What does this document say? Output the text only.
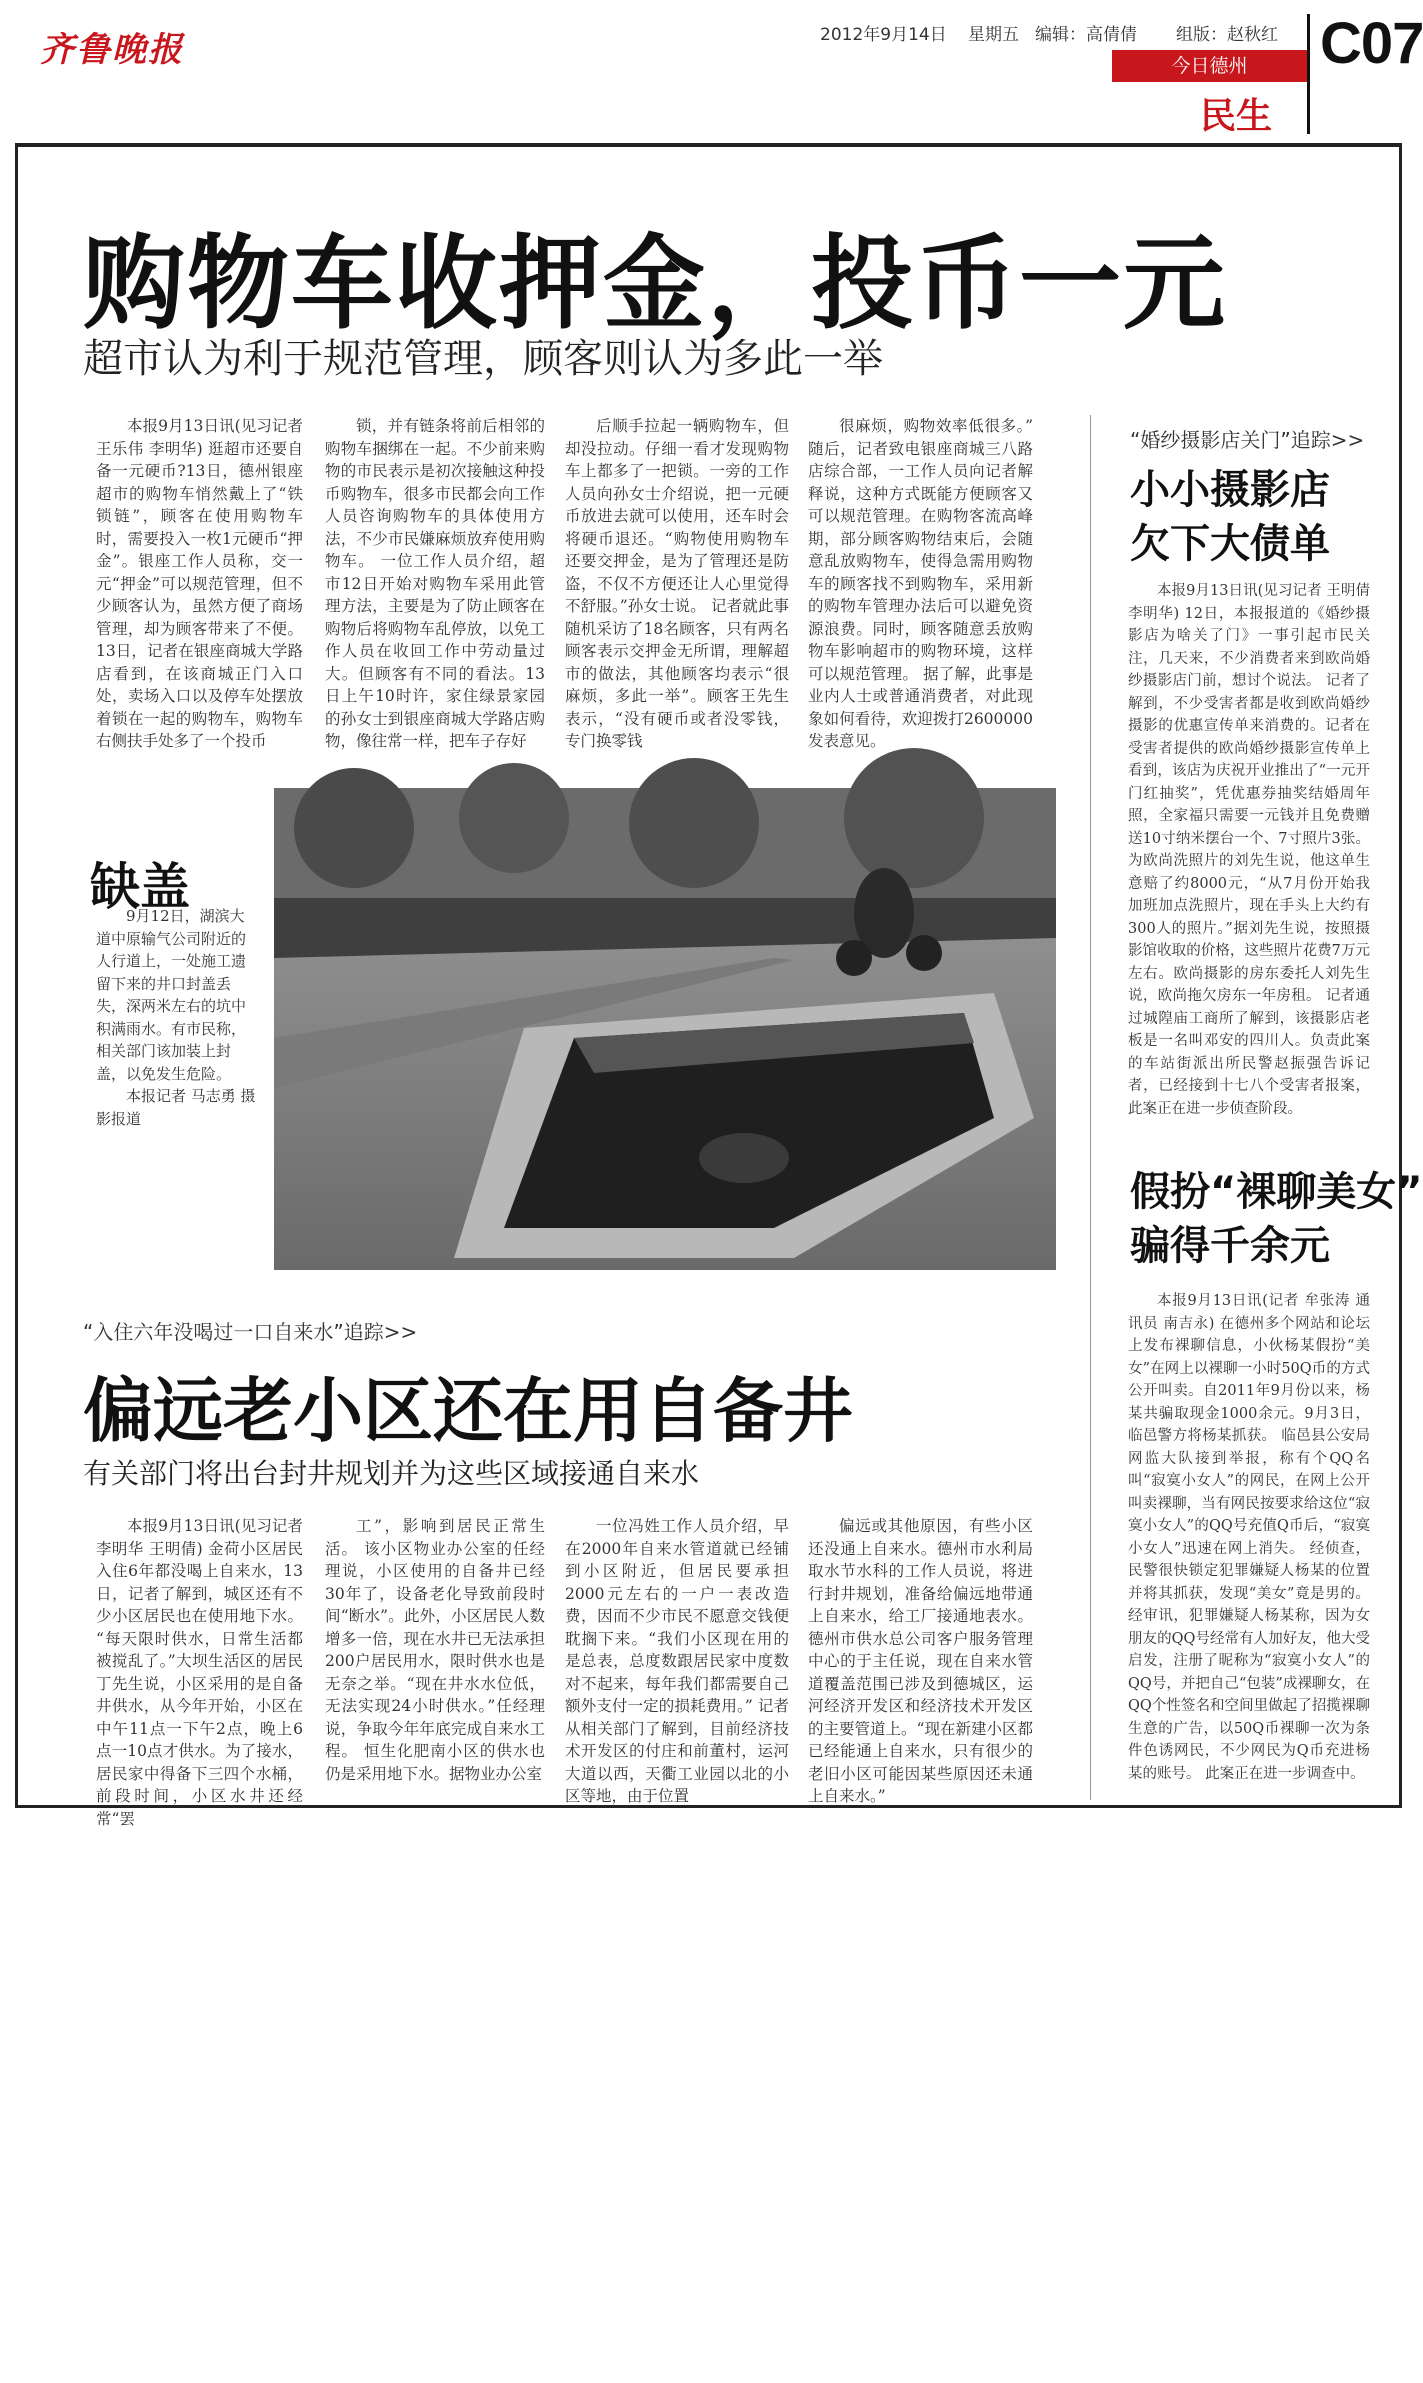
齐鲁晚报	2012年9月14日 星期五 编辑：高倩倩 组版：赵秋红
今日德州
民生
C07
购物车收押金，投币一元
超市认为利于规范管理，顾客则认为多此一举

本报9月13日讯(见习记者 王乐伟 李明华) 逛超市还要自备一元硬币?13日，德州银座超市的购物车悄然戴上了“铁锁链”，顾客在使用购物车时，需要投入一枚1元硬币“押金”。银座工作人员称，交一元“押金”可以规范管理，但不少顾客认为，虽然方便了商场管理，却为顾客带来了不便。 13日，记者在银座商城大学路店看到，在该商城正门入口处，卖场入口以及停车处摆放着锁在一起的购物车，购物车右侧扶手处多了一个投币

锁，并有链条将前后相邻的购物车捆绑在一起。不少前来购物的市民表示是初次接触这种投币购物车，很多市民都会向工作人员咨询购物车的具体使用方法，不少市民嫌麻烦放弃使用购物车。 一位工作人员介绍，超市12日开始对购物车采用此管理方法，主要是为了防止顾客在购物后将购物车乱停放，以免工作人员在收回工作中劳动量过大。但顾客有不同的看法。13日上午10时许，家住绿景家园的孙女士到银座商城大学路店购物，像往常一样，把车子存好

后顺手拉起一辆购物车，但却没拉动。仔细一看才发现购物车上都多了一把锁。一旁的工作人员向孙女士介绍说，把一元硬币放进去就可以使用，还车时会将硬币退还。“购物使用购物车还要交押金，是为了管理还是防盗，不仅不方便还让人心里觉得不舒服。”孙女士说。 记者就此事随机采访了18名顾客，只有两名顾客表示交押金无所谓，理解超市的做法，其他顾客均表示“很麻烦，多此一举”。顾客王先生表示，“没有硬币或者没零钱，专门换零钱

很麻烦，购物效率低很多。” 随后，记者致电银座商城三八路店综合部，一工作人员向记者解释说，这种方式既能方便顾客又可以规范管理。在购物客流高峰期，部分顾客购物结束后，会随意乱放购物车，使得急需用购物车的顾客找不到购物车，采用新的购物车管理办法后可以避免资源浪费。同时，顾客随意丢放购物车影响超市的购物环境，这样可以规范管理。 据了解，此事是业内人士或普通消费者，对此现象如何看待，欢迎拨打2600000发表意见。

缺盖

9月12日，湖滨大道中原输气公司附近的人行道上，一处施工遗留下来的井口封盖丢失，深两米左右的坑中积满雨水。有市民称，相关部门该加装上封盖，以免发生危险。

本报记者 马志勇 摄影报道

“婚纱摄影店关门”追踪>>
小小摄影店
欠下大债单

本报9月13日讯(见习记者 王明倩 李明华) 12日，本报报道的《婚纱摄影店为啥关了门》一事引起市民关注，几天来，不少消费者来到欧尚婚纱摄影店门前，想讨个说法。 记者了解到，不少受害者都是收到欧尚婚纱摄影的优惠宣传单来消费的。记者在受害者提供的欧尚婚纱摄影宣传单上看到，该店为庆祝开业推出了“一元开门红抽奖”，凭优惠券抽奖结婚周年照，全家福只需要一元钱并且免费赠送10寸纳米摆台一个、7寸照片3张。 为欧尚洗照片的刘先生说，他这单生意赔了约8000元，“从7月份开始我加班加点洗照片，现在手头上大约有300人的照片。”据刘先生说，按照摄影馆收取的价格，这些照片花费7万元左右。欧尚摄影的房东委托人刘先生说，欧尚拖欠房东一年房租。 记者通过城隍庙工商所了解到，该摄影店老板是一名叫邓安的四川人。负责此案的车站街派出所民警赵振强告诉记者，已经接到十七八个受害者报案，此案正在进一步侦查阶段。

假扮“裸聊美女”
骗得千余元

本报9月13日讯(记者 牟张涛 通讯员 南吉永) 在德州多个网站和论坛上发布裸聊信息，小伙杨某假扮“美女”在网上以裸聊一小时50Q币的方式公开叫卖。自2011年9月份以来，杨某共骗取现金1000余元。9月3日，临邑警方将杨某抓获。 临邑县公安局网监大队接到举报，称有个QQ名叫“寂寞小女人”的网民，在网上公开叫卖裸聊，当有网民按要求给这位“寂寞小女人”的QQ号充值Q币后，“寂寞小女人”迅速在网上消失。 经侦查，民警很快锁定犯罪嫌疑人杨某的位置并将其抓获，发现“美女”竟是男的。经审讯，犯罪嫌疑人杨某称，因为女朋友的QQ号经常有人加好友，他大受启发，注册了昵称为“寂寞小女人”的QQ号，并把自己“包装”成裸聊女，在QQ个性签名和空间里做起了招揽裸聊生意的广告，以50Q币裸聊一次为条件色诱网民，不少网民为Q币充进杨某的账号。 此案正在进一步调查中。

“入住六年没喝过一口自来水”追踪>>
偏远老小区还在用自备井
有关部门将出台封井规划并为这些区域接通自来水

本报9月13日讯(见习记者 李明华 王明倩) 金荷小区居民入住6年都没喝上自来水，13日，记者了解到，城区还有不少小区居民也在使用地下水。 “每天限时供水，日常生活都被搅乱了。”大坝生活区的居民丁先生说，小区采用的是自备井供水，从今年开始，小区在中午11点一下午2点，晚上6点一10点才供水。为了接水，居民家中得备下三四个水桶，前段时间，小区水井还经常“罢

工”，影响到居民正常生活。 该小区物业办公室的任经理说，小区使用的自备井已经30年了，设备老化导致前段时间“断水”。此外，小区居民人数增多一倍，现在水井已无法承担200户居民用水，限时供水也是无奈之举。“现在井水水位低，无法实现24小时供水。”任经理说，争取今年年底完成自来水工程。 恒生化肥南小区的供水也仍是采用地下水。据物业办公室

一位冯姓工作人员介绍，早在2000年自来水管道就已经铺到小区附近，但居民要承担2000元左右的一户一表改造费，因而不少市民不愿意交钱便耽搁下来。“我们小区现在用的是总表，总度数跟居民家中度数对不起来，每年我们都需要自己额外支付一定的损耗费用。” 记者从相关部门了解到，目前经济技术开发区的付庄和前董村，运河大道以西，天衢工业园以北的小区等地，由于位置

偏远或其他原因，有些小区还没通上自来水。德州市水利局取水节水科的工作人员说，将进行封井规划，准备给偏远地带通上自来水，给工厂接通地表水。 德州市供水总公司客户服务管理中心的于主任说，现在自来水管道覆盖范围已涉及到德城区，运河经济开发区和经济技术开发区的主要管道上。“现在新建小区都已经能通上自来水，只有很少的老旧小区可能因某些原因还未通上自来水。”
